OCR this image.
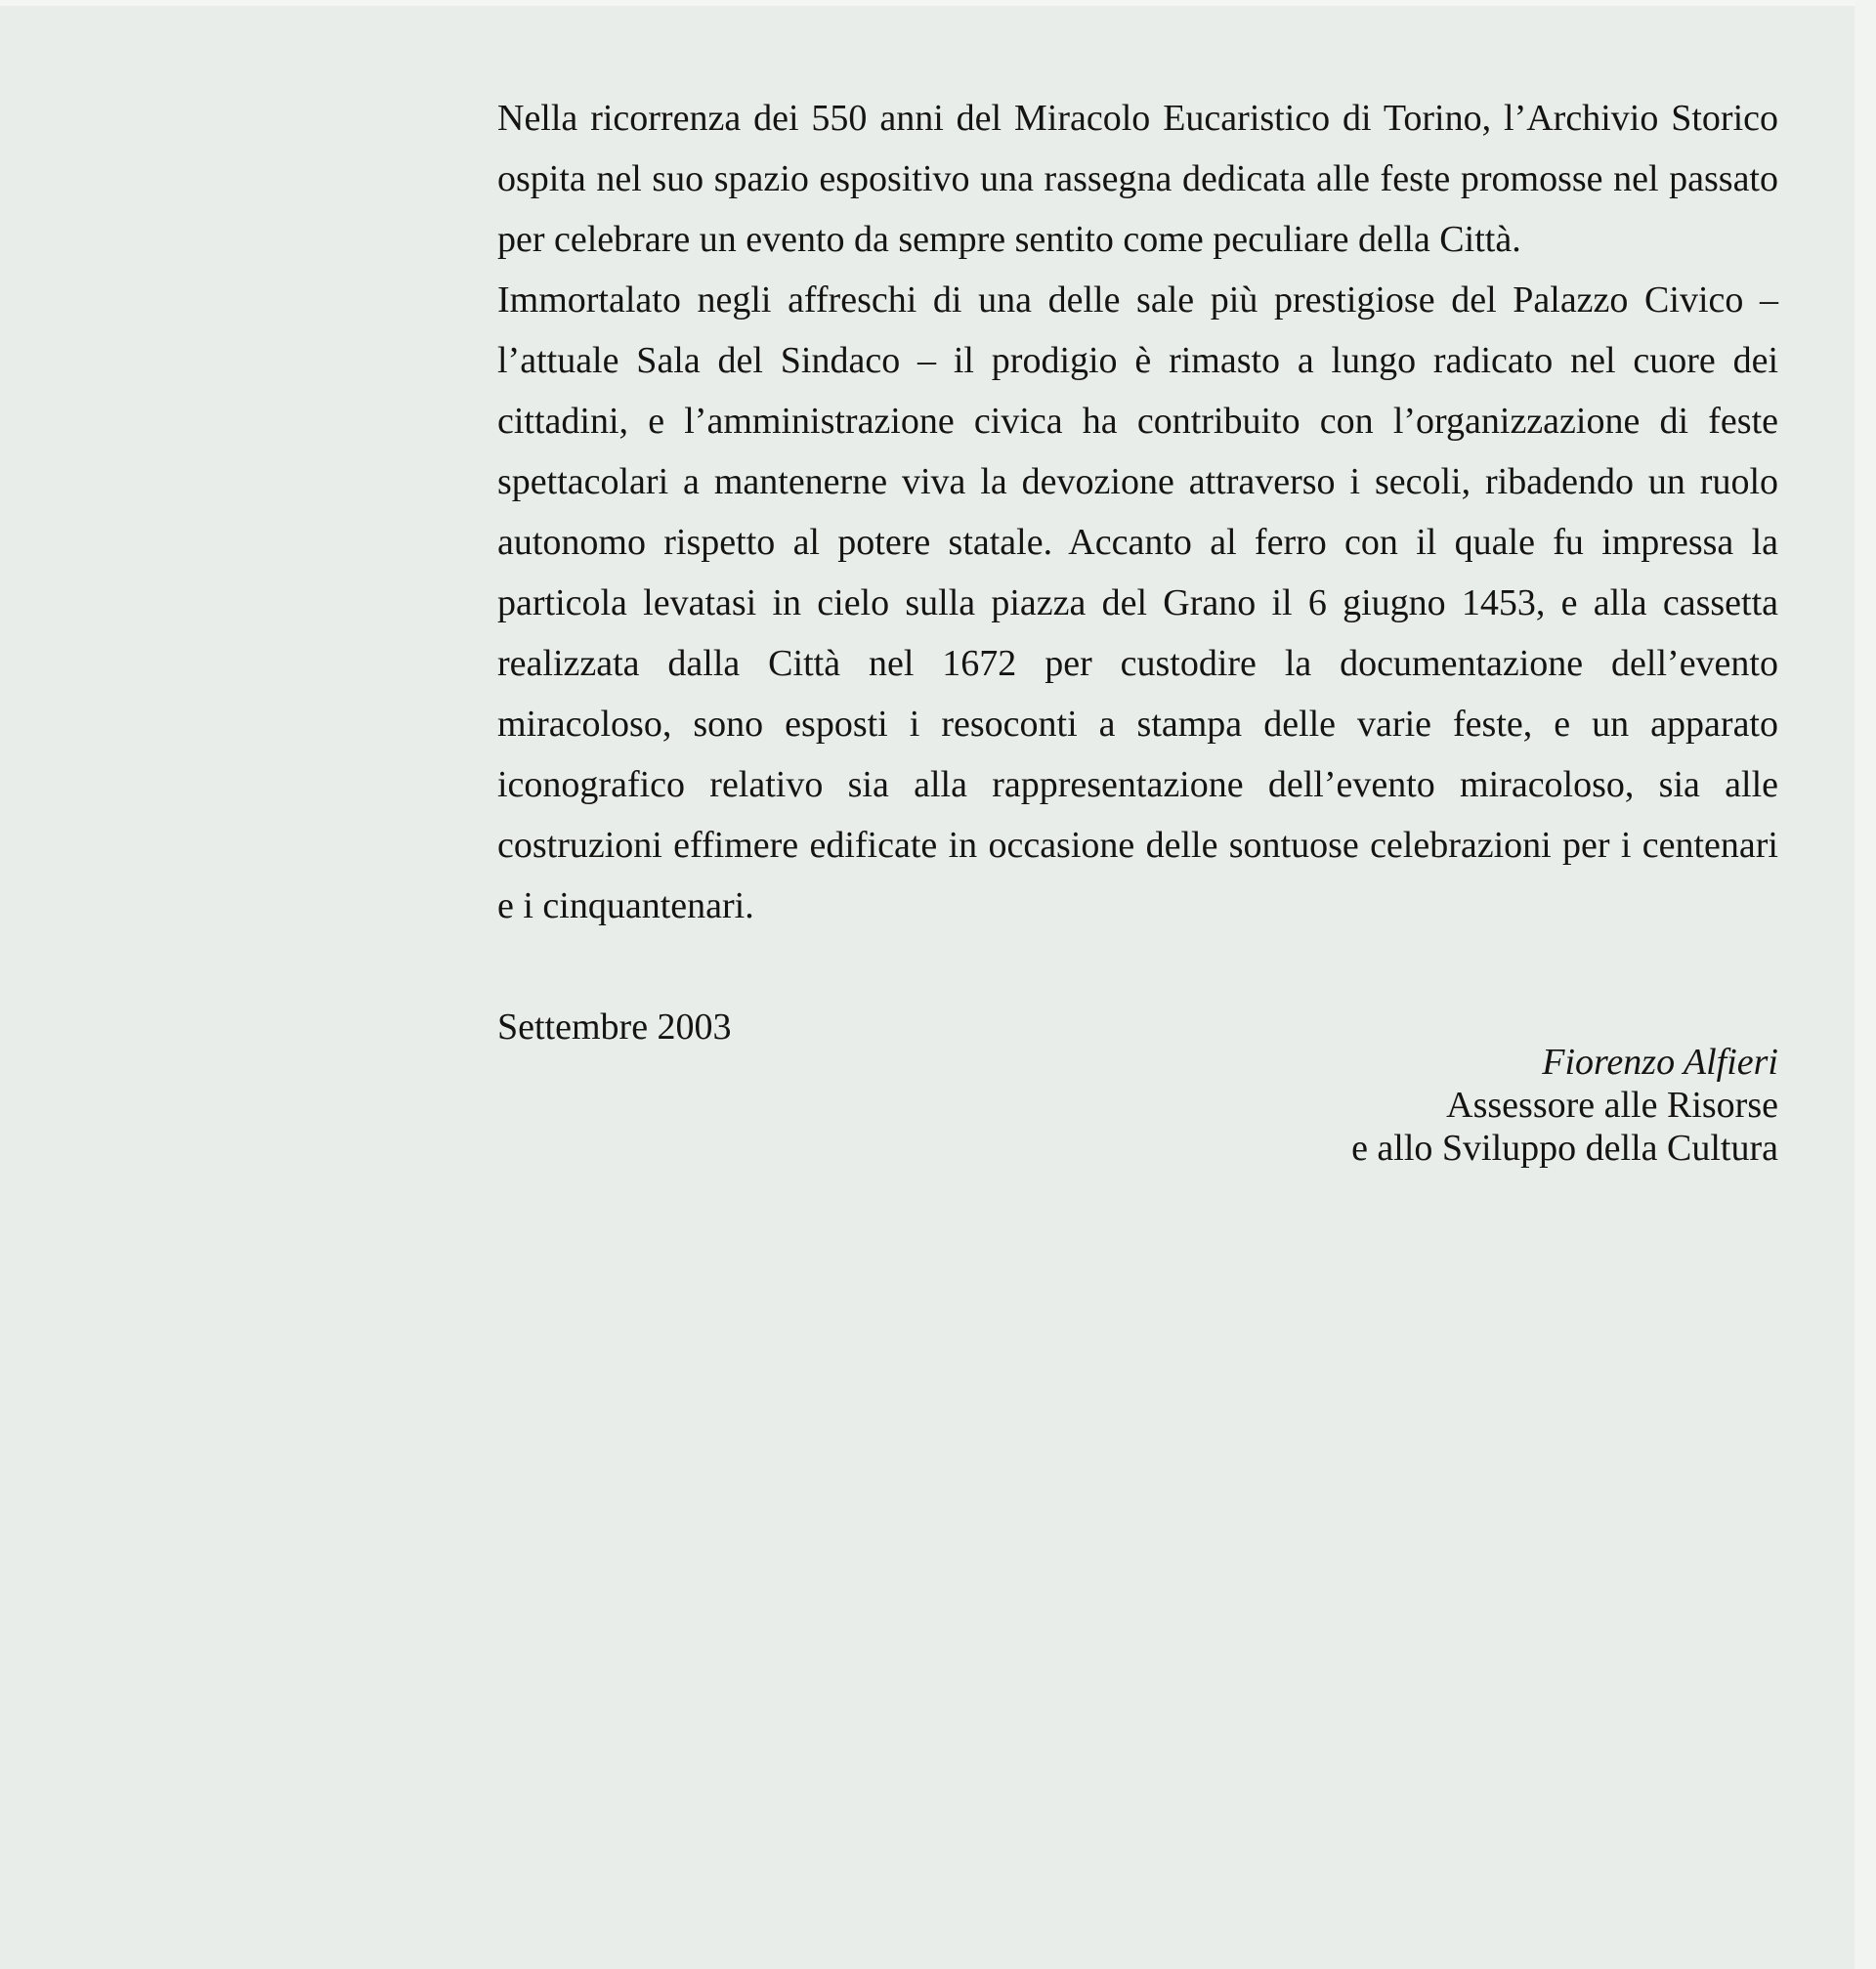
Nella ricorrenza dei 550 anni del Miracolo Eucaristico di Torino, l’Archivio Storico ospita nel suo spazio espositivo una rassegna dedicata alle feste promosse nel passato per celebrare un evento da sempre sentito come peculiare della Città.

Immortalato negli affreschi di una delle sale più prestigiose del Palazzo Civico – l’attuale Sala del Sindaco – il prodigio è rimasto a lungo radicato nel cuore dei cittadini, e l’amministrazione civica ha contribuito con l’organizzazione di feste spettacolari a mantenerne viva la devozione attraverso i secoli, ribadendo un ruolo autonomo rispetto al potere statale. Accanto al ferro con il quale fu impressa la particola levatasi in cielo sulla piazza del Grano il 6 giugno 1453, e alla cassetta realizzata dalla Città nel 1672 per custodire la documentazione dell’evento miracoloso, sono esposti i resoconti a stampa delle varie feste, e un apparato iconografico relativo sia alla rappresentazione dell’evento miracoloso, sia alle costruzioni effimere edificate in occasione delle sontuose celebrazioni per i centenari e i cinquantenari.

Settembre 2003

Fiorenzo Alfieri
Assessore alle Risorse
e allo Sviluppo della Cultura
